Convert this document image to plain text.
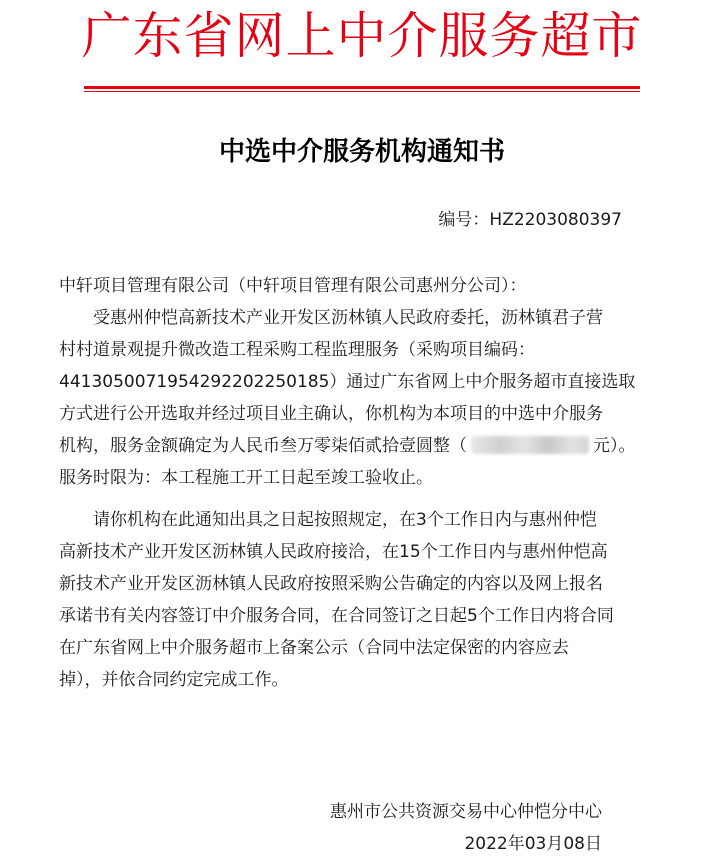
广东省网上中介服务超市
中选中介服务机构通知书
编号：HZ2203080397
中轩项目管理有限公司（中轩项目管理有限公司惠州分公司）：
受惠州仲恺高新技术产业开发区沥林镇人民政府委托，沥林镇君子营
村村道景观提升微改造工程采购工程监理服务（采购项目编码：
4413050071954292202250185）通过广东省网上中介服务超市直接选取
方式进行公开选取并经过项目业主确认，你机构为本项目的中选中介服务
机构，服务金额确定为人民币叁万零柒佰贰拾壹圆整（	元）。
服务时限为：本工程施工开工日起至竣工验收止。
请你机构在此通知出具之日起按照规定，在3个工作日内与惠州仲恺
高新技术产业开发区沥林镇人民政府接洽，在15个工作日内与惠州仲恺高
新技术产业开发区沥林镇人民政府按照采购公告确定的内容以及网上报名
承诺书有关内容签订中介服务合同，在合同签订之日起5个工作日内将合同
在广东省网上中介服务超市上备案公示（合同中法定保密的内容应去
掉），并依合同约定完成工作。
惠州市公共资源交易中心仲恺分中心
2022年03月08日
